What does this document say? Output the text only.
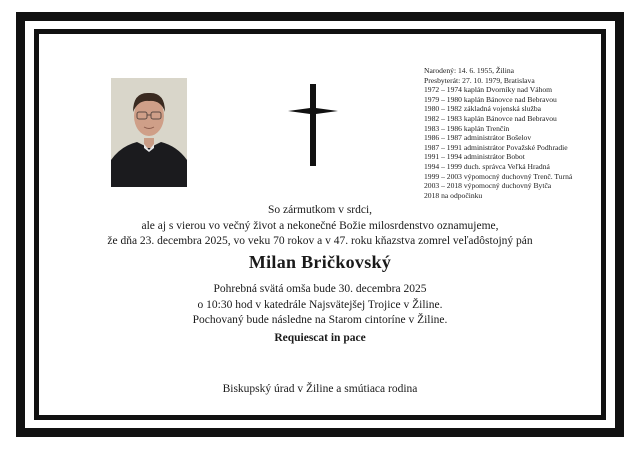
Narodený: 14. 6. 1955, Žilina
Presbyterát: 27. 10. 1979, Bratislava
1972 – 1974 kaplán Dvorníky nad Váhom
1979 – 1980 kaplán Bánovce nad Bebravou
1980 – 1982 základná vojenská služba
1982 – 1983 kaplán Bánovce nad Bebravou
1983 – 1986 kaplán Trenčín
1986 – 1987 administrátor Bošelov
1987 – 1991 administrátor Považské Podhradie
1991 – 1994 administrátor Bobot
1994 – 1999 duch. správca Veľká Hradná
1999 – 2003 výpomocný duchovný Trenč. Turná
2003 – 2018 výpomocný duchovný Bytča
2018 na odpočinku
So zármutkom v srdci,
ale aj s vierou vo večný život a nekonečné Božie milosrdenstvo oznamujeme,
že dňa 23. decembra 2025, vo veku 70 rokov a v 47. roku kňazstva zomrel veľadôstojný pán
Milan Bričkovský
Pohrebná svätá omša bude 30. decembra 2025
o 10:30 hod v katedrále Najsvätejšej Trojice v Žiline.
Pochovaný bude následne na Starom cintoríne v Žiline.
Requiescat in pace
Biskupský úrad v Žiline a smútiaca rodina
